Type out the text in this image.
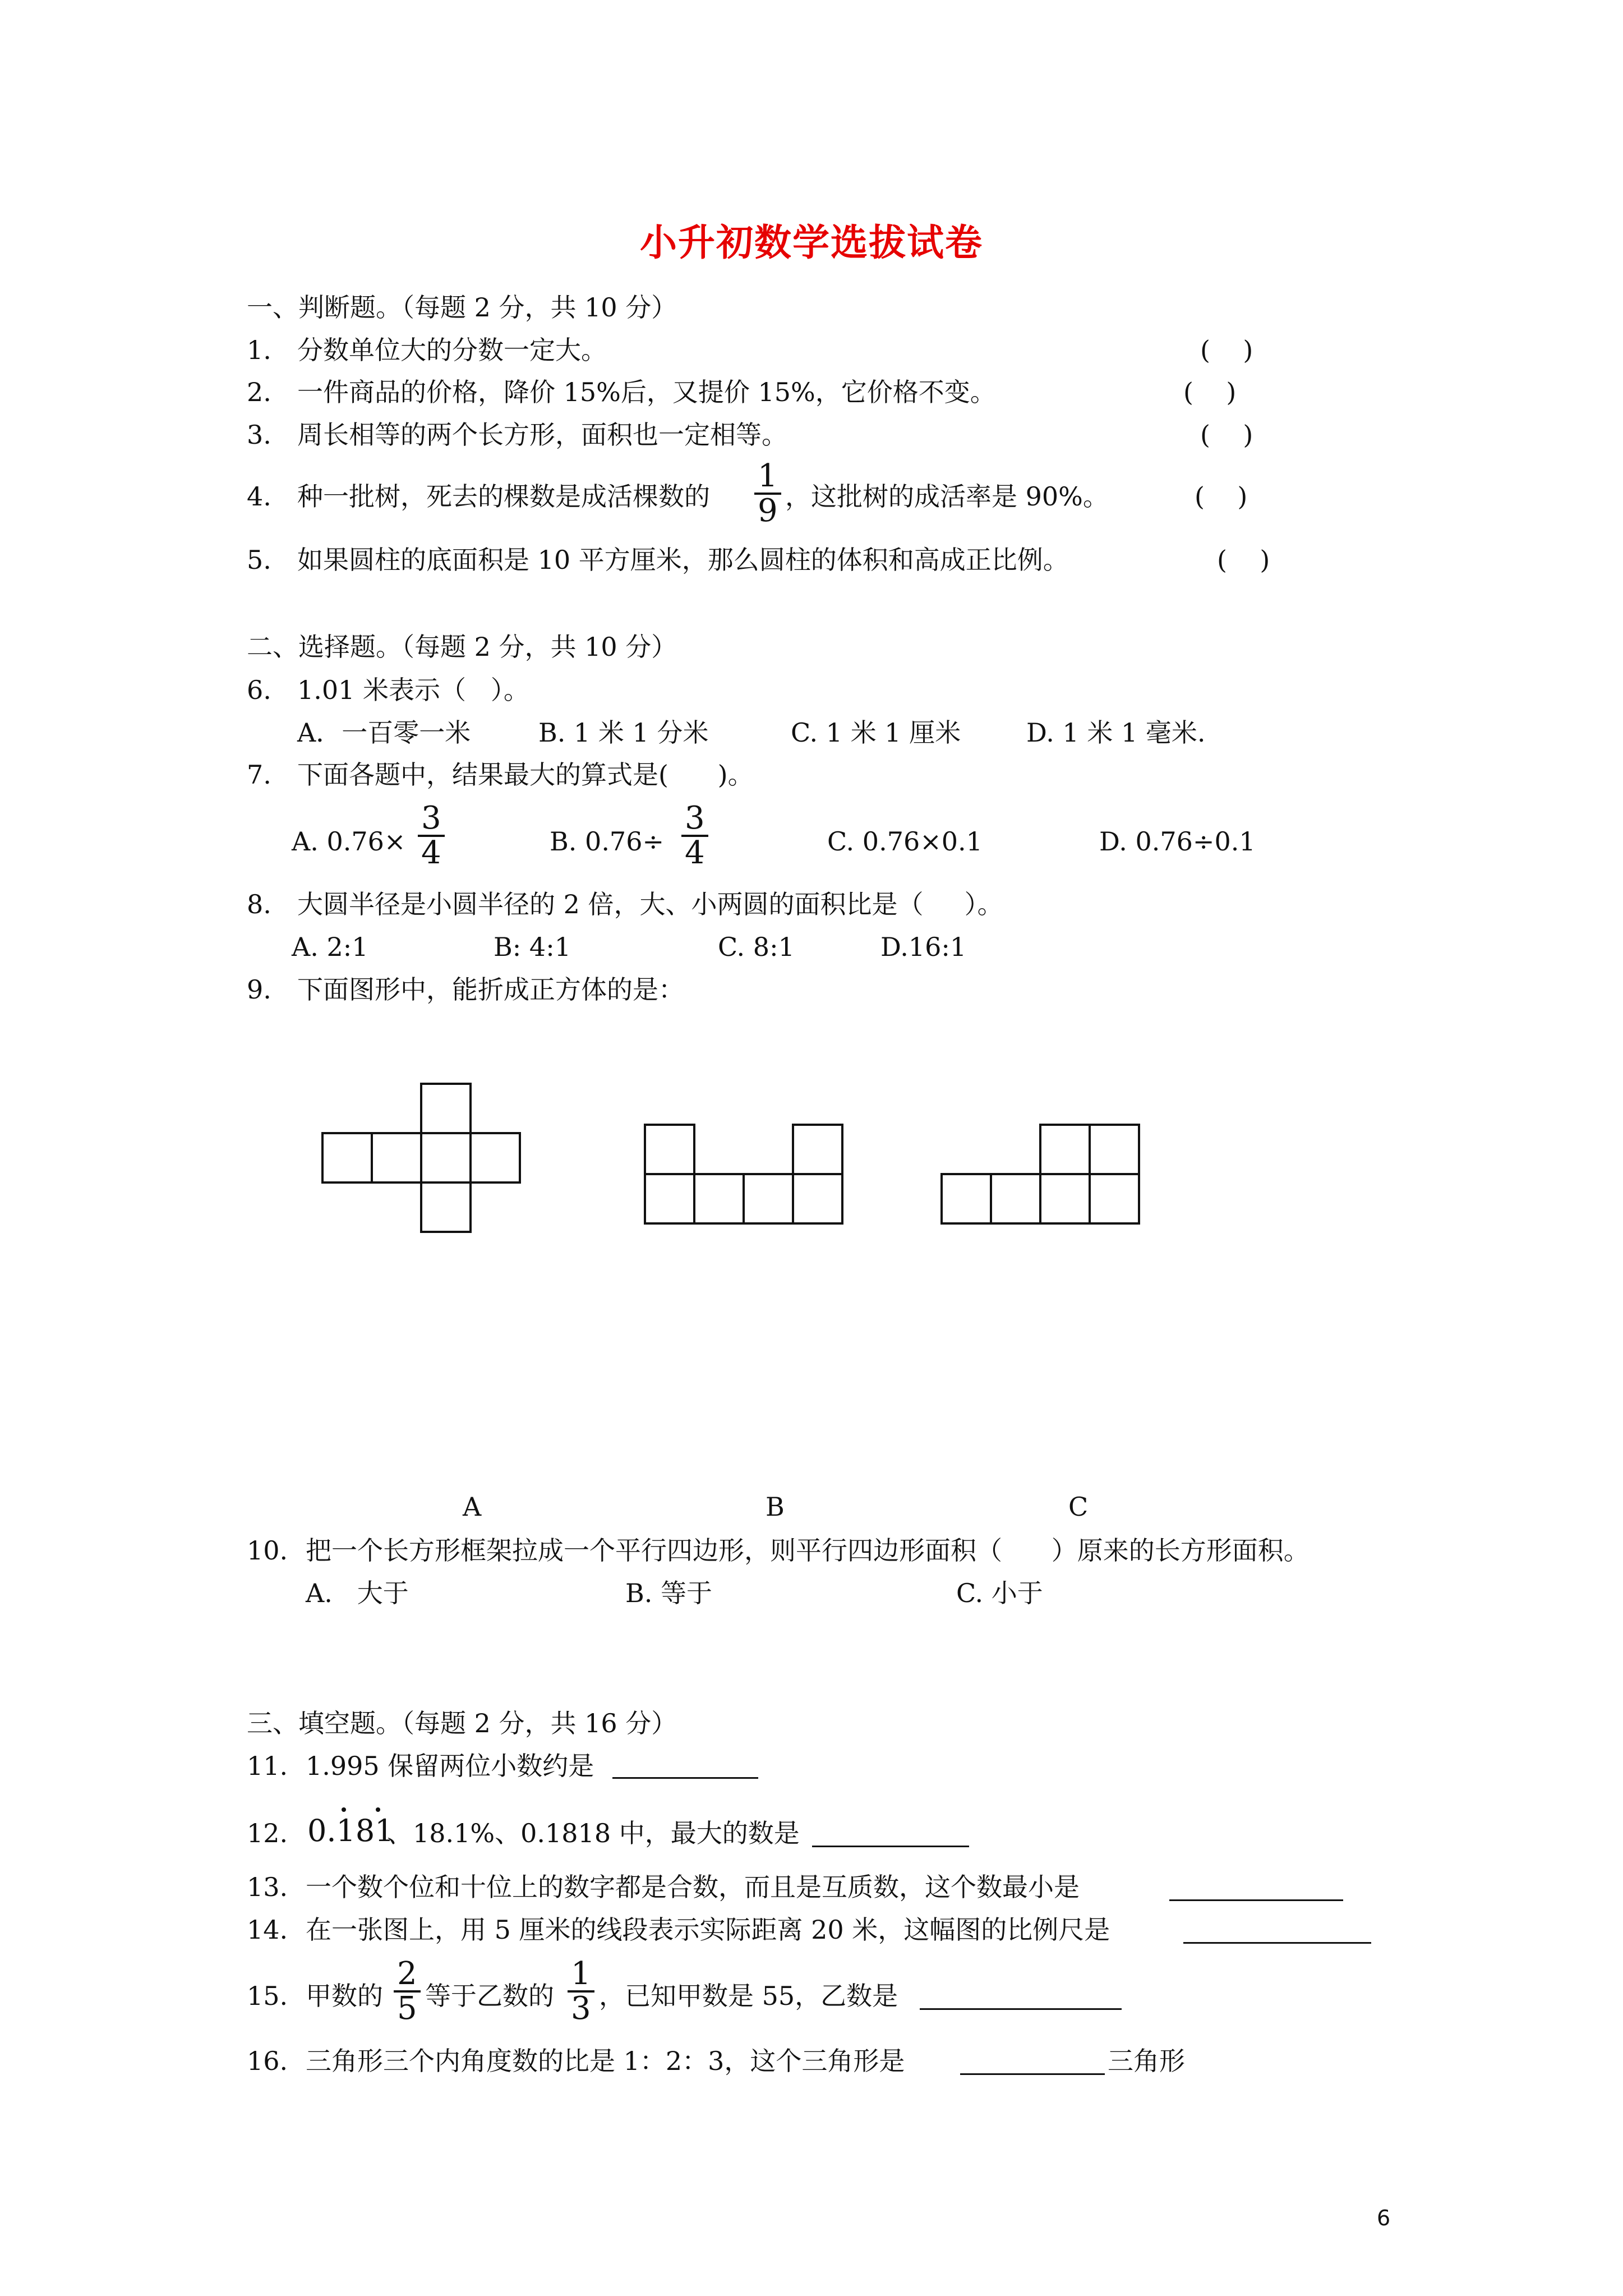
小升初数学选拔试卷
一、判断题。（每题 2 分，共 10 分）
1. 分数单位大的分数一定大。	(    )
2. 一件商品的价格，降价 15%后，又提价 15%，它价格不变。	(    )
3. 周长相等的两个长方形，面积也一定相等。	(    )
4. 种一批树，死去的棵数是成活棵数的 $\frac{1}{9}$ ，这批树的成活率是 90%。	(    )
5. 如果圆柱的底面积是 10 平方厘米，那么圆柱的体积和高成正比例。	(    )
二、选择题。（每题 2 分，共 10 分）
6. 1.01 米表示（   ）。
A．一百零一米	B. 1 米 1 分米	C. 1 米 1 厘米	D. 1 米 1 毫米.
7. 下面各题中，结果最大的算式是(      )。
A. $0.76\times \frac{3}{4}$	B. $0.76\div \frac{3}{4}$	C. 0.76×0.1	D. 0.76÷0.1
8. 大圆半径是小圆半径的 2 倍，大、小两圆的面积比是（     ）。
A. 2:1	B: 4:1	C. 8:1	D.16:1
9. 下面图形中，能折成正方体的是：
A	B	C
10. 把一个长方形框架拉成一个平行四边形，则平行四边形面积（      ）原来的长方形面积。
A.   大于	B. 等于	C. 小于
三、填空题。（每题 2 分，共 16 分）
11. 1.995 保留两位小数约是
12. 0.181
、18.1%、0.1818 中，最大的数是
13. 一个数个位和十位上的数字都是合数，而且是互质数，这个数最小是
14. 在一张图上，用 5 厘米的线段表示实际距离 20 米，这幅图的比例尺是
15. 甲数的 $\frac{2}{5}$ 等于乙数的 $\frac{1}{3}$ ，已知甲数是 55，乙数是
16. 三角形三个内角度数的比是 1：2：3，这个三角形是	三角形
6
